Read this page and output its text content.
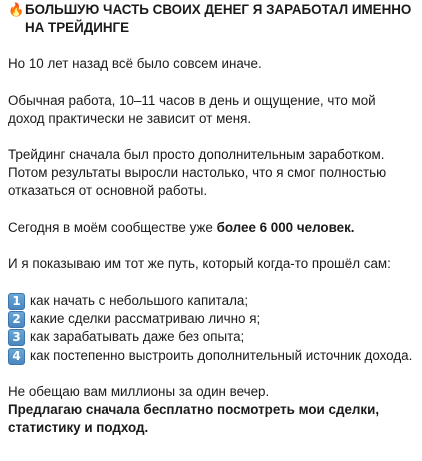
🔥 БОЛЬШУЮ ЧАСТЬ СВОИХ ДЕНЕГ Я ЗАРАБОТАЛ ИМЕННО НА ТРЕЙДИНГЕ

Но 10 лет назад всё было совсем иначе.

Обычная работа, 10–11 часов в день и ощущение, что мой доход практически не зависит от меня.

Трейдинг сначала был просто дополнительным заработком. Потом результаты выросли настолько, что я смог полностью отказаться от основной работы.

Сегодня в моём сообществе уже более 6 000 человек.

И я показываю им тот же путь, который когда-то прошёл сам:

1 как начать с небольшого капитала;
2 какие сделки рассматриваю лично я;
3 как зарабатывать даже без опыта;
4 как постепенно выстроить дополнительный источник дохода.

Не обещаю вам миллионы за один вечер.

Предлагаю сначала бесплатно посмотреть мои сделки, статистику и подход.
